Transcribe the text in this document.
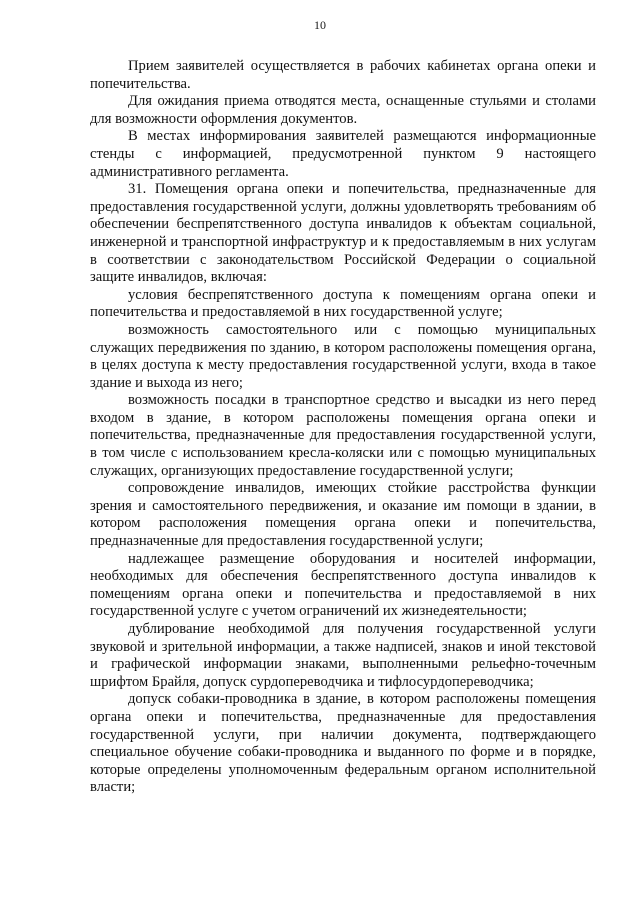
10

Прием заявителей осуществляется в рабочих кабинетах органа опеки и попечительства.

Для ожидания приема отводятся места, оснащенные стульями и столами для возможности оформления документов.

В местах информирования заявителей размещаются информационные стенды с информацией, предусмотренной пунктом 9 настоящего административного регламента.

31. Помещения органа опеки и попечительства, предназначенные для предоставления государственной услуги, должны удовлетворять требованиям об обеспечении беспрепятственного доступа инвалидов к объектам социальной, инженерной и транспортной инфраструктур и к предоставляемым в них услугам в соответствии с законодательством Российской Федерации о социальной защите инвалидов, включая:

условия беспрепятственного доступа к помещениям органа опеки и попечительства и предоставляемой в них государственной услуге;

возможность самостоятельного или с помощью муниципальных служащих передвижения по зданию, в котором расположены помещения органа, в целях доступа к месту предоставления государственной услуги, входа в такое здание и выхода из него;

возможность посадки в транспортное средство и высадки из него перед входом в здание, в котором расположены помещения органа опеки и попечительства, предназначенные для предоставления государственной услуги, в том числе с использованием кресла-коляски или с помощью муниципальных служащих, организующих предоставление государственной услуги;

сопровождение инвалидов, имеющих стойкие расстройства функции зрения и самостоятельного передвижения, и оказание им помощи в здании, в котором расположения помещения органа опеки и попечительства, предназначенные для предоставления государственной услуги;

надлежащее размещение оборудования и носителей информации, необходимых для обеспечения беспрепятственного доступа инвалидов к помещениям органа опеки и попечительства и предоставляемой в них государственной услуге с учетом ограничений их жизнедеятельности;

дублирование необходимой для получения государственной услуги звуковой и зрительной информации, а также надписей, знаков и иной текстовой и графической информации знаками, выполненными рельефно-точечным шрифтом Брайля, допуск сурдопереводчика и тифлосурдопереводчика;

допуск собаки-проводника в здание, в котором расположены помещения органа опеки и попечительства, предназначенные для предоставления государственной услуги, при наличии документа, подтверждающего специальное обучение собаки-проводника и выданного по форме и в порядке, которые определены уполномоченным федеральным органом исполнительной власти;
